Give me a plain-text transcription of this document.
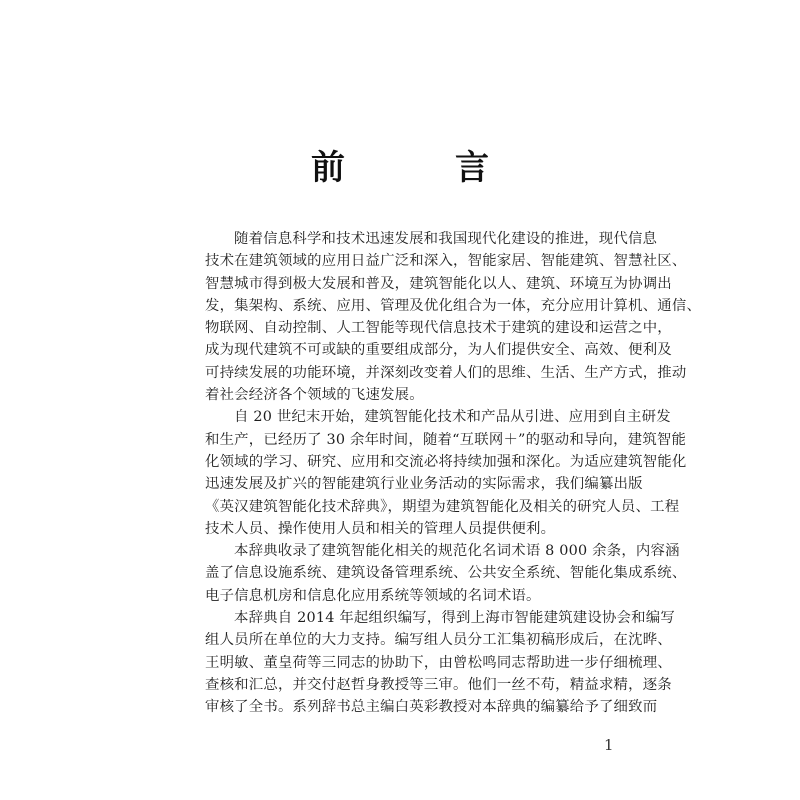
前　言
随着信息科学和技术迅速发展和我国现代化建设的推进，现代信息
技术在建筑领域的应用日益广泛和深入，智能家居、智能建筑、智慧社区、
智慧城市得到极大发展和普及，建筑智能化以人、建筑、环境互为协调出
发，集架构、系统、应用、管理及优化组合为一体，充分应用计算机、通信、
物联网、自动控制、人工智能等现代信息技术于建筑的建设和运营之中，
成为现代建筑不可或缺的重要组成部分，为人们提供安全、高效、便利及
可持续发展的功能环境，并深刻改变着人们的思维、生活、生产方式，推动
着社会经济各个领域的飞速发展。
自 20 世纪末开始，建筑智能化技术和产品从引进、应用到自主研发
和生产，已经历了 30 余年时间，随着“互联网＋”的驱动和导向，建筑智能
化领域的学习、研究、应用和交流必将持续加强和深化。为适应建筑智能化
迅速发展及扩兴的智能建筑行业业务活动的实际需求，我们编纂出版
《英汉建筑智能化技术辞典》，期望为建筑智能化及相关的研究人员、工程
技术人员、操作使用人员和相关的管理人员提供便利。
本辞典收录了建筑智能化相关的规范化名词术语 8 000 余条，内容涵
盖了信息设施系统、建筑设备管理系统、公共安全系统、智能化集成系统、
电子信息机房和信息化应用系统等领域的名词术语。
本辞典自 2014 年起组织编写，得到上海市智能建筑建设协会和编写
组人员所在单位的大力支持。编写组人员分工汇集初稿形成后，在沈晔、
王明敏、董皇荷等三同志的协助下，由曾松鸣同志帮助进一步仔细梳理、
查核和汇总，并交付赵哲身教授等三审。他们一丝不苟，精益求精，逐条
审核了全书。系列辞书总主编白英彩教授对本辞典的编纂给予了细致而
1
